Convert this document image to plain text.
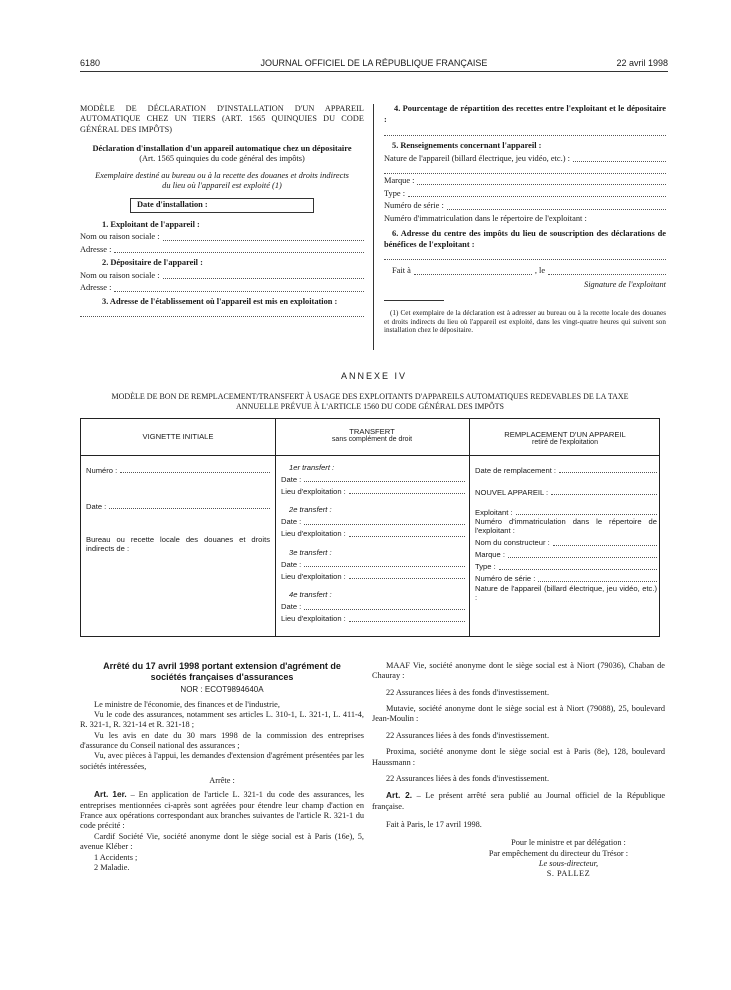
6180	JOURNAL OFFICIEL DE LA RÉPUBLIQUE FRANÇAISE	22 avril 1998

MODÈLE DE DÉCLARATION D'INSTALLATION D'UN APPAREIL AUTOMATIQUE CHEZ UN TIERS (ART. 1565 QUINQUIES DU CODE GÉNÉRAL DES IMPÔTS)

Déclaration d'installation d'un appareil automatique chez un dépositaire

(Art. 1565 quinquies du code général des impôts)

Exemplaire destiné au bureau ou à la recette des douanes et droits indirects du lieu où l'appareil est exploité (1)

Date d'installation :

1. Exploitant de l'appareil :

Nom ou raison sociale :
Adresse :

2. Dépositaire de l'appareil :

Nom ou raison sociale :
Adresse :

3. Adresse de l'établissement où l'appareil est mis en exploitation :

4. Pourcentage de répartition des recettes entre l'exploitant et le dépositaire :

5. Renseignements concernant l'appareil :

Nature de l'appareil (billard électrique, jeu vidéo, etc.) :
Marque :
Type :
Numéro de série :

Numéro d'immatriculation dans le répertoire de l'exploitant :

6. Adresse du centre des impôts du lieu de souscription des déclarations de bénéfices de l'exploitant :

Fait à	, le

Signature de l'exploitant

(1) Cet exemplaire de la déclaration est à adresser au bureau ou à la recette locale des douanes et droits indirects du lieu où l'appareil est exploité, dans les vingt-quatre heures qui suivent son installation chez le dépositaire.

ANNEXE IV
MODÈLE DE BON DE REMPLACEMENT/TRANSFERT À USAGE DES EXPLOITANTS D'APPAREILS AUTOMATIQUES REDEVABLES DE LA TAXE ANNUELLE PRÉVUE À L'ARTICLE 1560 DU CODE GÉNÉRAL DES IMPÔTS
VIGNETTE INITIALE
TRANSFERT
sans complément de droit
REMPLACEMENT D'UN APPAREIL
retiré de l'exploitation
Numéro :
Date :

Bureau ou recette locale des douanes et droits indirects de :

1er transfert :
Date :
Lieu d'exploitation :
2e transfert :
Date :
Lieu d'exploitation :
3e transfert :
Date :
Lieu d'exploitation :
4e transfert :
Date :
Lieu d'exploitation :
Date de remplacement :
NOUVEL APPAREIL :
Exploitant :

Numéro d'immatriculation dans le répertoire de l'exploitant :

Nom du constructeur :
Marque :
Type :
Numéro de série :

Nature de l'appareil (billard électrique, jeu vidéo, etc.) :

Arrêté du 17 avril 1998 portant extension d'agrément de sociétés françaises d'assurances

NOR : ECOT9894640A

Le ministre de l'économie, des finances et de l'industrie,

Vu le code des assurances, notamment ses articles L. 310-1, L. 321-1, L. 411-4, R. 321-1, R. 321-14 et R. 321-18 ;

Vu les avis en date du 30 mars 1998 de la commission des entreprises d'assurance du Conseil national des assurances ;

Vu, avec pièces à l'appui, les demandes d'extension d'agrément présentées par les sociétés intéressées,

Arrête :

Art. 1er. – En application de l'article L. 321-1 du code des assurances, les entreprises mentionnées ci-après sont agréées pour étendre leur champ d'action en France aux opérations correspondant aux branches suivantes de l'article R. 321-1 du code précité :

Cardif Société Vie, société anonyme dont le siège social est à Paris (16e), 5, avenue Kléber :

1 Accidents ;

2 Maladie.

MAAF Vie, société anonyme dont le siège social est à Niort (79036), Chaban de Chauray :

22 Assurances liées à des fonds d'investissement.

Mutavie, société anonyme dont le siège social est à Niort (79088), 25, boulevard Jean-Moulin :

22 Assurances liées à des fonds d'investissement.

Proxima, société anonyme dont le siège social est à Paris (8e), 128, boulevard Haussmann :

22 Assurances liées à des fonds d'investissement.

Art. 2. – Le présent arrêté sera publié au Journal officiel de la République française.

Fait à Paris, le 17 avril 1998.

Pour le ministre et par délégation :

Par empêchement du directeur du Trésor :

Le sous-directeur,

S. PALLEZ
